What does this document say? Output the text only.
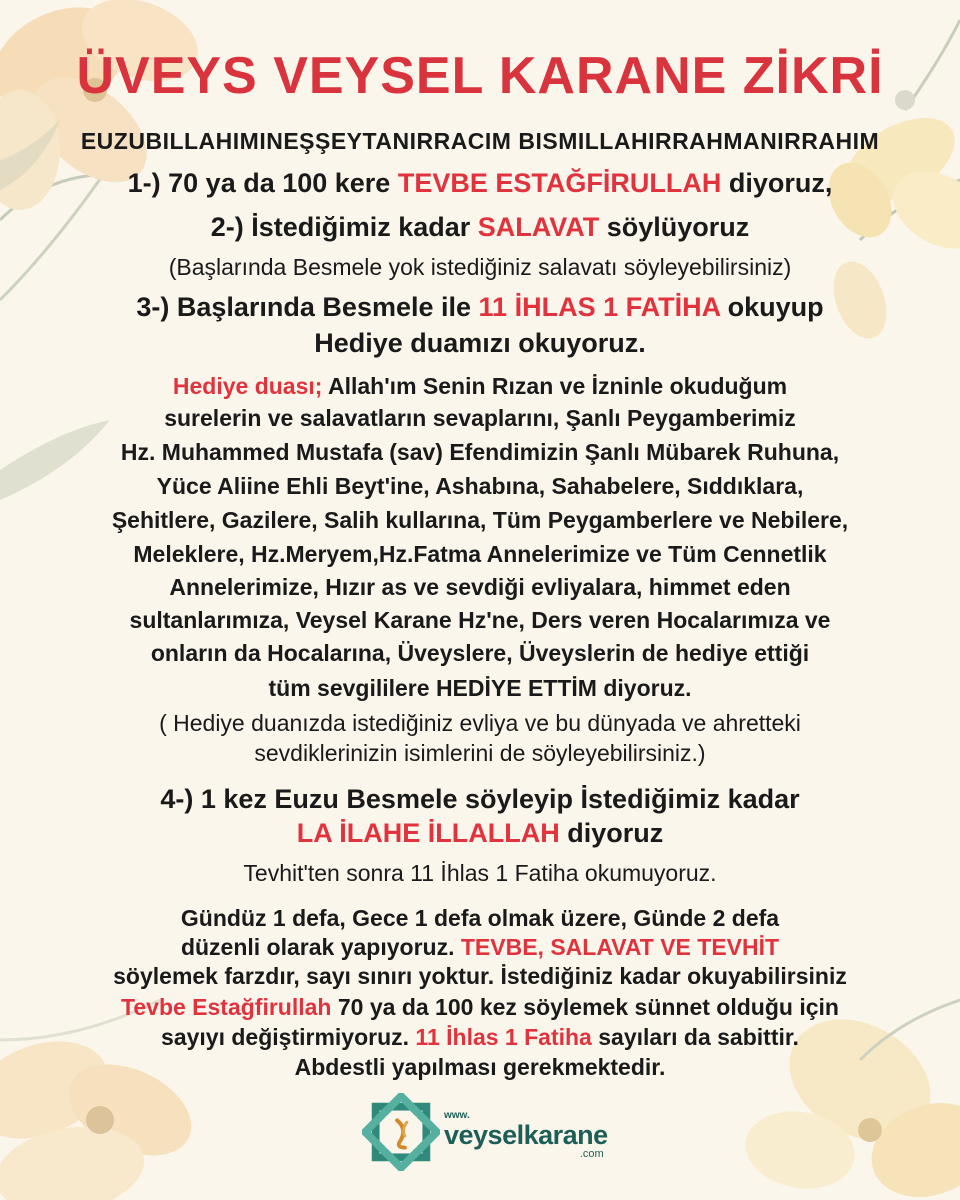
ÜVEYS VEYSEL KARANE ZİKRİ
EUZUBILLAHIMINEŞŞEYTANIRRACIM BISMILLAHIRRAHMANIRRAHIM
1-) 70 ya da 100 kere TEVBE ESTAĞFİRULLAH diyoruz,
2-) İstediğimiz kadar SALAVAT söylüyoruz
(Başlarında Besmele yok istediğiniz salavatı söyleyebilirsiniz)
3-) Başlarında Besmele ile 11 İHLAS 1 FATİHA okuyup
Hediye duamızı okuyoruz.
Hediye duası; Allah'ım Senin Rızan ve İzninle okuduğum
surelerin ve salavatların sevaplarını, Şanlı Peygamberimiz
Hz. Muhammed Mustafa (sav) Efendimizin Şanlı Mübarek Ruhuna,
Yüce Aliine Ehli Beyt'ine, Ashabına, Sahabelere, Sıddıklara,
Şehitlere, Gazilere, Salih kullarına, Tüm Peygamberlere ve Nebilere,
Meleklere, Hz.Meryem,Hz.Fatma Annelerimize ve Tüm Cennetlik
Annelerimize, Hızır as ve sevdiği evliyalara, himmet eden
sultanlarımıza, Veysel Karane Hz'ne, Ders veren Hocalarımıza ve
onların da Hocalarına, Üveyslere, Üveyslerin de hediye ettiği
tüm sevgililere HEDİYE ETTİM diyoruz.
( Hediye duanızda istediğiniz evliya ve bu dünyada ve ahretteki
sevdiklerinizin isimlerini de söyleyebilirsiniz.)
4-) 1 kez Euzu Besmele söyleyip İstediğimiz kadar
LA İLAHE İLLALLAH diyoruz
Tevhit'ten sonra 11 İhlas 1 Fatiha okumuyoruz.
Gündüz 1 defa, Gece 1 defa olmak üzere, Günde 2 defa
düzenli olarak yapıyoruz. TEVBE, SALAVAT VE TEVHİT
söylemek farzdır, sayı sınırı yoktur. İstediğiniz kadar okuyabilirsiniz
Tevbe Estağfirullah 70 ya da 100 kez söylemek sünnet olduğu için
sayıyı değiştirmiyoruz. 11 İhlas 1 Fatiha sayıları da sabittir.
Abdestli yapılması gerekmektedir.
www.
veyselkarane
.com
